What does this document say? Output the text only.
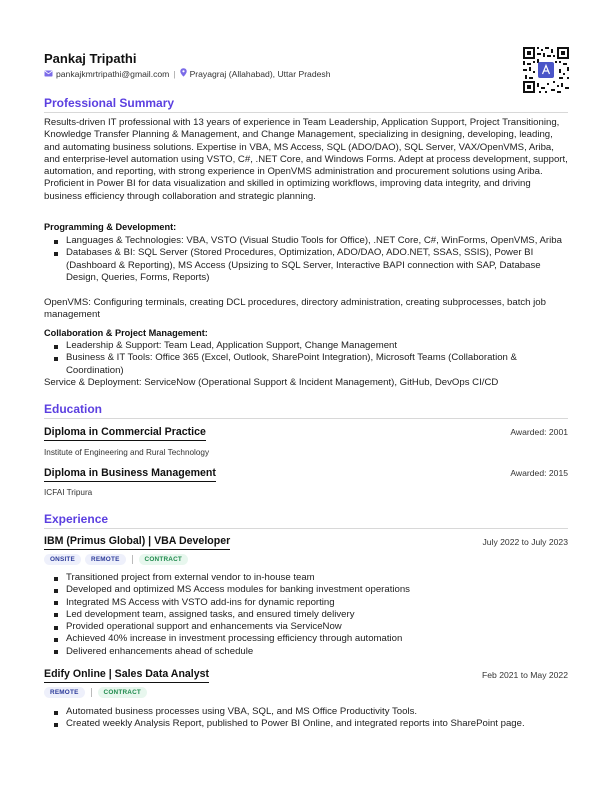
Pankaj Tripathi
pankajkmrtripathi@gmail.com | Prayagraj (Allahabad), Uttar Pradesh
Professional Summary
Results-driven IT professional with 13 years of experience in Team Leadership, Application Support, Project Transitioning, Knowledge Transfer Planning & Management, and Change Management, specializing in designing, developing, leading, and automating business solutions. Expertise in VBA, MS Access, SQL (ADO/DAO), SQL Server, VAX/OpenVMS, Ariba, and enterprise-level automation using VSTO, C#, .NET Core, and Windows Forms. Adept at process development, support, automation, and reporting, with strong experience in OpenVMS administration and procurement solutions using Ariba. Proficient in Power BI for data visualization and skilled in optimizing workflows, improving data integrity, and driving business efficiency through collaboration and strategic planning.
Programming & Development:
Languages & Technologies: VBA, VSTO (Visual Studio Tools for Office), .NET Core, C#, WinForms, OpenVMS, Ariba
Databases & BI: SQL Server (Stored Procedures, Optimization, ADO/DAO, ADO.NET, SSAS, SSIS), Power BI (Dashboard & Reporting), MS Access (Upsizing to SQL Server, Interactive BAPI connection with SAP, Database Design, Queries, Forms, Reports)
OpenVMS: Configuring terminals, creating DCL procedures, directory administration, creating subprocesses, batch job management
Collaboration & Project Management:
Leadership & Support: Team Lead, Application Support, Change Management
Business & IT Tools: Office 365 (Excel, Outlook, SharePoint Integration), Microsoft Teams (Collaboration & Coordination)
Service & Deployment: ServiceNow (Operational Support & Incident Management), GitHub, DevOps CI/CD
Education
Diploma in Commercial Practice	Awarded: 2001
Institute of Engineering and Rural Technology
Diploma in Business Management	Awarded: 2015
ICFAI Tripura
Experience
IBM (Primus Global) | VBA Developer	July 2022 to July 2023
ONSITE	REMOTE	CONTRACT
Transitioned project from external vendor to in-house team
Developed and optimized MS Access modules for banking investment operations
Integrated MS Access with VSTO add-ins for dynamic reporting
Led development team, assigned tasks, and ensured timely delivery
Provided operational support and enhancements via ServiceNow
Achieved 40% increase in investment processing efficiency through automation
Delivered enhancements ahead of schedule
Edify Online | Sales Data Analyst	Feb 2021 to May 2022
REMOTE	CONTRACT
Automated business processes using VBA, SQL, and MS Office Productivity Tools.
Created weekly Analysis Report, published to Power BI Online, and integrated reports into SharePoint page.
